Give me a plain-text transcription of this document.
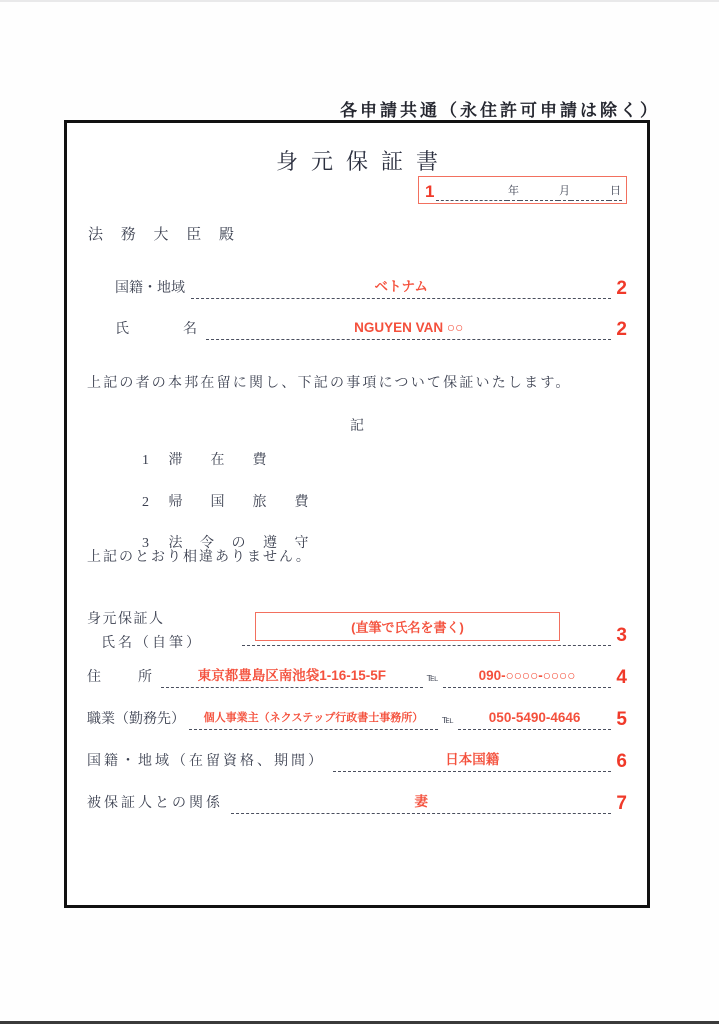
各申請共通（永住許可申請は除く）
身元保証書
1	年	月	日
法 務 大 臣 殿
国籍・地域	ベトナム	2
氏　　　名	NGUYEN VAN ○○	2
上記の者の本邦在留に関し、下記の事項について保証いたします。
記
1 滞　在　費
2 帰　国　旅　費
3 法 令 の 遵 守
上記のとおり相違ありません。
身元保証人
氏名（自筆）
(直筆で氏名を書く)	3
住　　所	東京都豊島区南池袋1-16-15-5F	℡	090-○○○○-○○○○ 4
職業（勤務先） 個人事業主（ネクステップ行政書士事務所）	℡	050-5490-4646 5
国籍・地域（在留資格、期間）	日本国籍	6
被保証人との関係	妻	7
